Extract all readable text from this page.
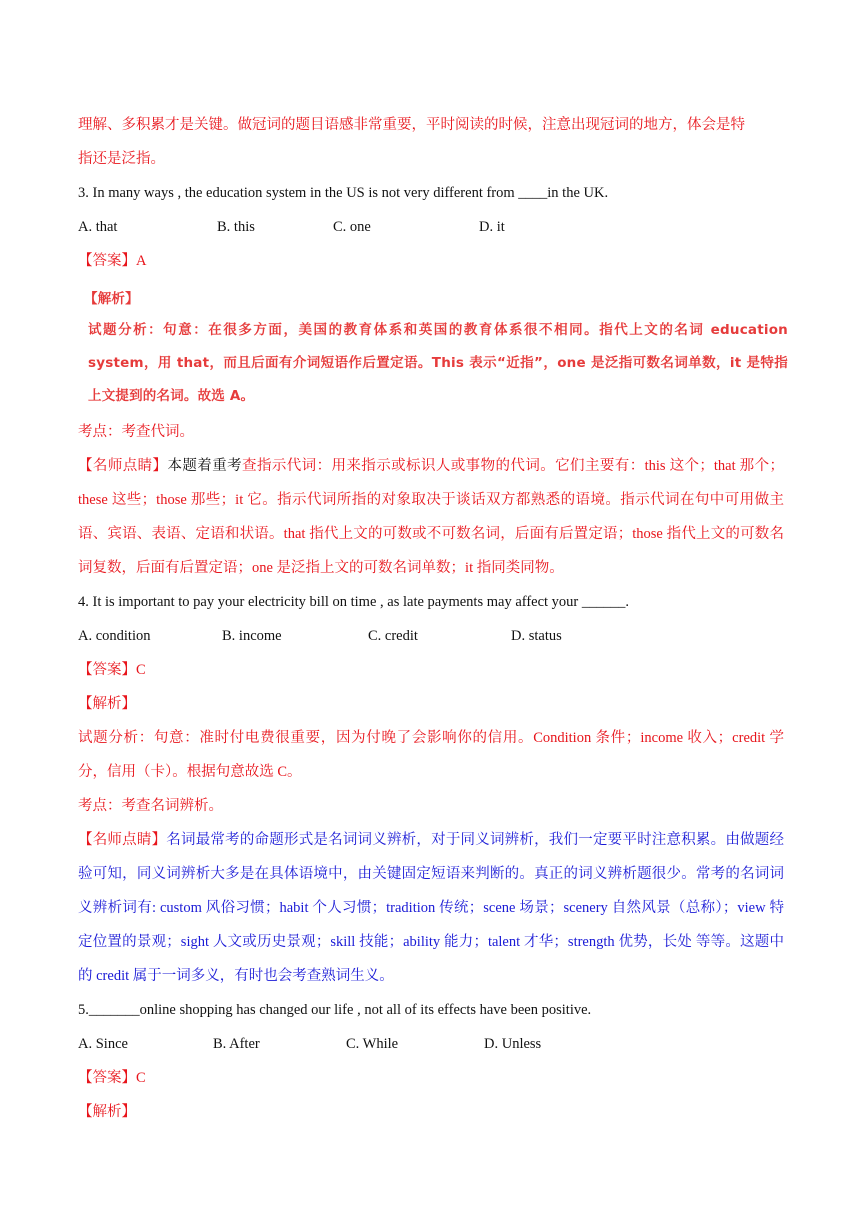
理解、多积累才是关键。做冠词的题目语感非常重要，平时阅读的时候，注意出现冠词的地方，体会是特

指还是泛指。

3. In many ways , the education system in the US is not very different from ____in the UK.

A. that	B. this	C. one	D. it

【答案】A

【解析】
试题分析：句意：在很多方面，美国的教育体系和英国的教育体系很不相同。指代上文的名词 education system，用 that，而且后面有介词短语作后置定语。This 表示“近指”，one 是泛指可数名词单数，it 是特指上文提到的名词。故选 A。

考点：考查代词。

【名师点睛】本题着重考查指示代词：用来指示或标识人或事物的代词。它们主要有：this 这个；that 那个；these 这些；those 那些；it 它。指示代词所指的对象取决于谈话双方都熟悉的语境。指示代词在句中可用做主语、宾语、表语、定语和状语。that 指代上文的可数或不可数名词，后面有后置定语；those 指代上文的可数名词复数，后面有后置定语；one 是泛指上文的可数名词单数；it 指同类同物。

4. It is important to pay your electricity bill on time , as late payments may affect your ______.

A. condition	B. income	C. credit	D. status

【答案】C

【解析】

试题分析：句意：准时付电费很重要，因为付晚了会影响你的信用。Condition 条件；income 收入；credit 学分，信用（卡）。根据句意故选 C。

考点：考查名词辨析。

【名师点睛】名词最常考的命题形式是名词词义辨析，对于同义词辨析，我们一定要平时注意积累。由做题经验可知，同义词辨析大多是在具体语境中，由关键固定短语来判断的。真正的词义辨析题很少。常考的名词词义辨析词有: custom 风俗习惯；habit 个人习惯；tradition 传统；scene 场景；scenery 自然风景（总称）；view 特定位置的景观；sight 人文或历史景观；skill 技能；ability 能力；talent 才华；strength 优势，长处 等等。这题中的 credit 属于一词多义，有时也会考查熟词生义。

5._______online shopping has changed our life , not all of its effects have been positive.

A. Since	B. After	C. While	D. Unless

【答案】C

【解析】
